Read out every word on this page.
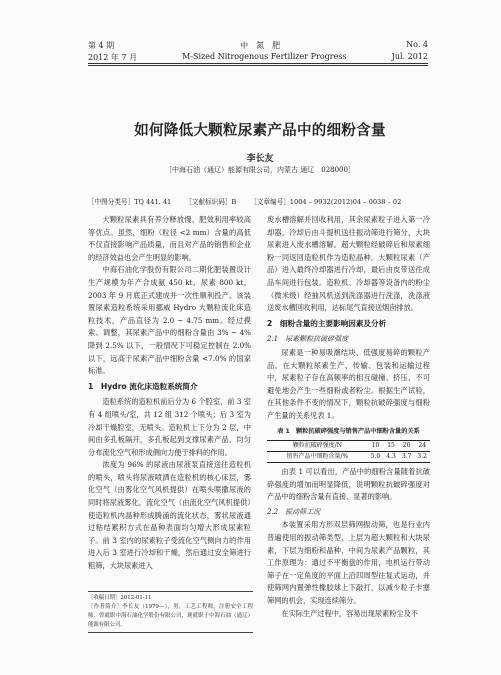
第 4 期	中　氮　肥	No. 4
2012 年 7 月	M-Sized Nitrogenous Fertilizer Progress	Jul. 2012
如何降低大颗粒尿素产品中的细粉含量
李长友
［中海石油（通辽）能源有限公司，内蒙古 通辽　028000］
［中图分类号］TQ 441. 41 ［文献标识码］B ［文章编号］1004 – 9932(2012)04 – 0038 – 02

大颗粒尿素具有养分释放慢、肥效利用率较高等优点。虽然，细粉（粒径 <2 mm）含量的高低不仅直接影响产品质量，而且对产品的销售和企业的经济效益也会产生明显的影响。

中海石油化学股份有限公司二期化肥装置设计生产规模为年产合成氨 450 kt、尿素 800 kt，2003 年 9 月底正式建成并一次性顺利投产。该装置尿素造粒系统采用挪威 Hydro 大颗粒流化床造粒技术，产品直径为 2.0 ~ 4.75 mm。经过摸索、调整，其尿素产品中的细粉含量由 3% ~ 4% 降到 2.5% 以下，一般情况下可稳定控制在 2.0% 以下，远高于尿素产品中细粉含量 <7.0% 的国家标准。

1　Hydro 流化床造粒系统简介

造粒系统的造粒机前后分为 6 个腔室，前 3 室有 4 组喷头/室，共 12 组 312 个喷头；后 3 室为冷却干燥腔室，无喷头。造粒机上下分为 2 层，中间由多孔板隔开，多孔板起到支撑尿素产品、均匀分布流化空气和形成侧向力便于排料的作用。

浓度为 96% 的尿液由尿液泵直接送往造粒机的喷头，喷头将尿液喷洒在造粒机的核心床层，雾化空气（由雾化空气风机提供）在喷头喷撒尿液的同时将尿液雾化，流化空气（由流化空气风机提供）使造粒机内晶种形成腾涌的流化状态，雾状尿液通过粘结累积方式在晶种表面均匀增大形成尿素粒子。前 3 室内的尿素粒子受流化空气侧向力的作用进入后 3 室进行冷却和干燥，然后通过安全筛进行粗筛，大块尿素进入

［收稿日期］2012-01-11
［作者简介］李长友（1979—），男，工艺工程师，注册安全工程师，曾就职中海石油化学股份有限公司，现就职于中海石油（通辽）能源有限公司。

废水槽溶解并回收利用，其余尿素粒子进入第一冷却器，冷却后由斗提机送往振动筛进行筛分，大块尿素进入废水槽溶解。超大颗粒经破碎后和尿素细粉一同返回造粒机作为造粒晶种。大颗粒尿素（产品）进入最终冷却器进行冷却，最后由皮带送往成品车间进行包装。造粒机、冷却器等设备内的粉尘（微米级）经抽风机送到洗涤器进行洗涤，洗涤液送废水槽回收利用，达标尾气直接送烟囱排放。

2　细粉含量的主要影响因素及分析
2.1　尿素颗粒抗破碎强度

尿素是一种易吸潮结块、低强度易碎的颗粒产品。在大颗粒尿素生产、传输、包装和运输过程中，尿素粒子存在高频率的相互碰撞、挤压，不可避免地会产生一些细粉或者粉尘。根据生产试验，在其他条件不变的情况下，颗粒抗破碎强度与细粉产生量的关系见表 1。

表 1　颗粒抗破碎强度与销售产品中细粉含量的关系
颗粒抗破碎强度/N	10	15	20	24
销售产品中细粉含量/%	5.0	4.3	3.7	3.2

由表 1 可以看出，产品中的细粉含量随着抗破碎强度的增加而明显降低，说明颗粒抗破碎强度对产品中的细粉含量有直接、显著的影响。

2.2　振动筛工况

本装置采用方形双层筛网振动筛，也是行业内普遍使用的振动筛类型，上层为超大颗粒和大块尿素，下层为细粉和晶种，中间为尿素产品颗粒，其工作原理为：通过不平衡盘的作用，电机运行带动筛子在一定角度的平面上沿四周型往复式运动，并使筛网内置弹性橡胶球上下敲打，以减少粒子卡塞筛网的机会，实现连续筛分。

在实际生产过程中，容易出现尿素粉尘及不
